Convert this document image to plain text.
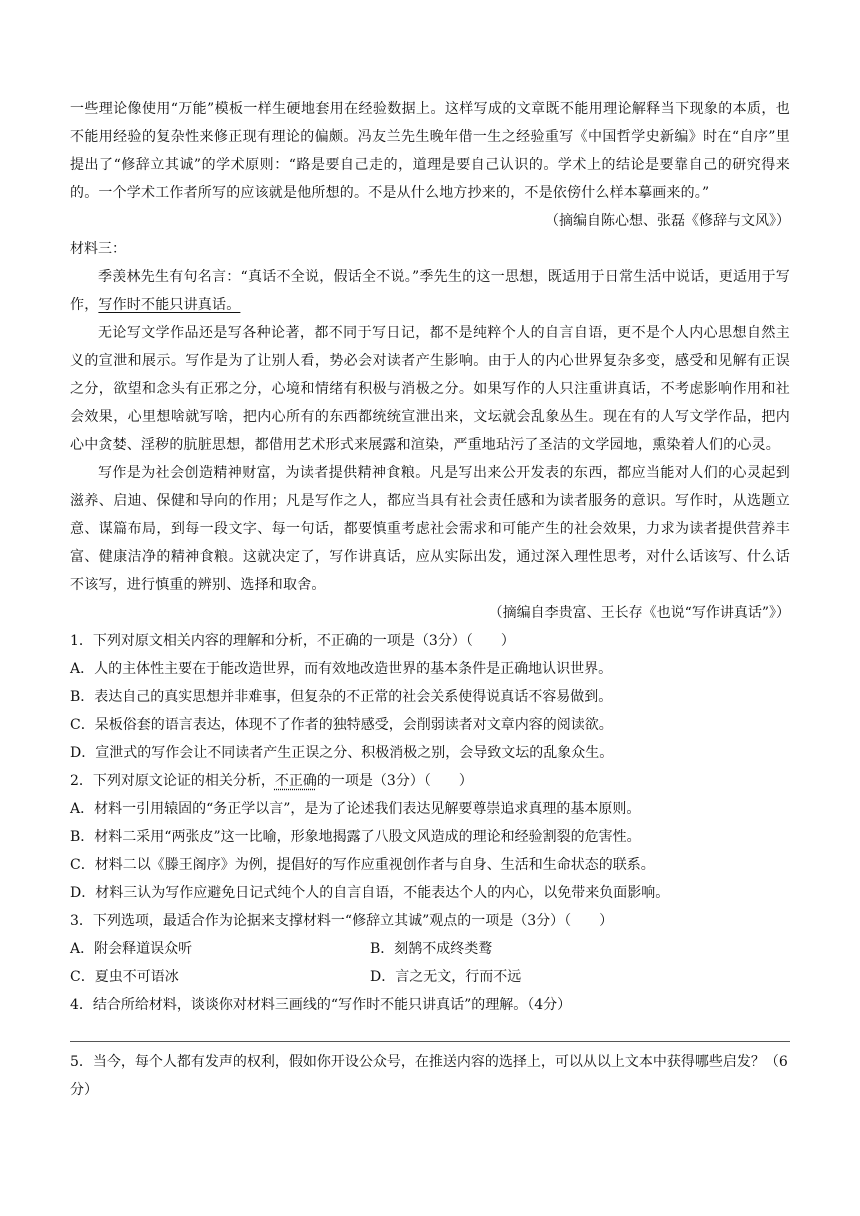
一些理论像使用“万能”模板一样生硬地套用在经验数据上。这样写成的文章既不能用理论解释当下现象的本质，也不能用经验的复杂性来修正现有理论的偏颇。冯友兰先生晚年借一生之经验重写《中国哲学史新编》时在“自序”里提出了“修辞立其诚”的学术原则：“路是要自己走的，道理是要自己认识的。学术上的结论是要靠自己的研究得来的。一个学术工作者所写的应该就是他所想的。不是从什么地方抄来的，不是依傍什么样本摹画来的。”

（摘编自陈心想、张磊《修辞与文风》）

材料三：

季羡林先生有句名言：“真话不全说，假话全不说。”季先生的这一思想，既适用于日常生活中说话，更适用于写作，写作时不能只讲真话。

无论写文学作品还是写各种论著，都不同于写日记，都不是纯粹个人的自言自语，更不是个人内心思想自然主义的宣泄和展示。写作是为了让别人看，势必会对读者产生影响。由于人的内心世界复杂多变，感受和见解有正误之分，欲望和念头有正邪之分，心境和情绪有积极与消极之分。如果写作的人只注重讲真话，不考虑影响作用和社会效果，心里想啥就写啥，把内心所有的东西都统统宣泄出来，文坛就会乱象丛生。现在有的人写文学作品，把内心中贪婪、淫秽的肮脏思想，都借用艺术形式来展露和渲染，严重地玷污了圣洁的文学园地，熏染着人们的心灵。

写作是为社会创造精神财富，为读者提供精神食粮。凡是写出来公开发表的东西，都应当能对人们的心灵起到滋养、启迪、保健和导向的作用；凡是写作之人，都应当具有社会责任感和为读者服务的意识。写作时，从选题立意、谋篇布局，到每一段文字、每一句话，都要慎重考虑社会需求和可能产生的社会效果，力求为读者提供营养丰富、健康洁净的精神食粮。这就决定了，写作讲真话，应从实际出发，通过深入理性思考，对什么话该写、什么话不该写，进行慎重的辨别、选择和取舍。

（摘编自李贵富、王长存《也说“写作讲真话”》）

1．下列对原文相关内容的理解和分析，不正确的一项是（3分）（　　）

A．人的主体性主要在于能改造世界，而有效地改造世界的基本条件是正确地认识世界。

B．表达自己的真实思想并非难事，但复杂的不正常的社会关系使得说真话不容易做到。

C．呆板俗套的语言表达，体现不了作者的独特感受，会削弱读者对文章内容的阅读欲。

D．宣泄式的写作会让不同读者产生正误之分、积极消极之别，会导致文坛的乱象众生。

2．下列对原文论证的相关分析，不正确的一项是（3分）（　　）

A．材料一引用辕固的“务正学以言”，是为了论述我们表达见解要尊崇追求真理的基本原则。

B．材料二采用“两张皮”这一比喻，形象地揭露了八股文风造成的理论和经验割裂的危害性。

C．材料二以《滕王阁序》为例，提倡好的写作应重视创作者与自身、生活和生命状态的联系。

D．材料三认为写作应避免日记式纯个人的自言自语，不能表达个人的内心，以免带来负面影响。

3．下列选项，最适合作为论据来支撑材料一“修辞立其诚”观点的一项是（3分）（　　）

A．附会释道误众听	B．刻鹄不成终类鹜

C．夏虫不可语冰	D．言之无文，行而不远

4．结合所给材料，谈谈你对材料三画线的“写作时不能只讲真话”的理解。（4分）

5．当今，每个人都有发声的权利，假如你开设公众号，在推送内容的选择上，可以从以上文本中获得哪些启发？（6分）
